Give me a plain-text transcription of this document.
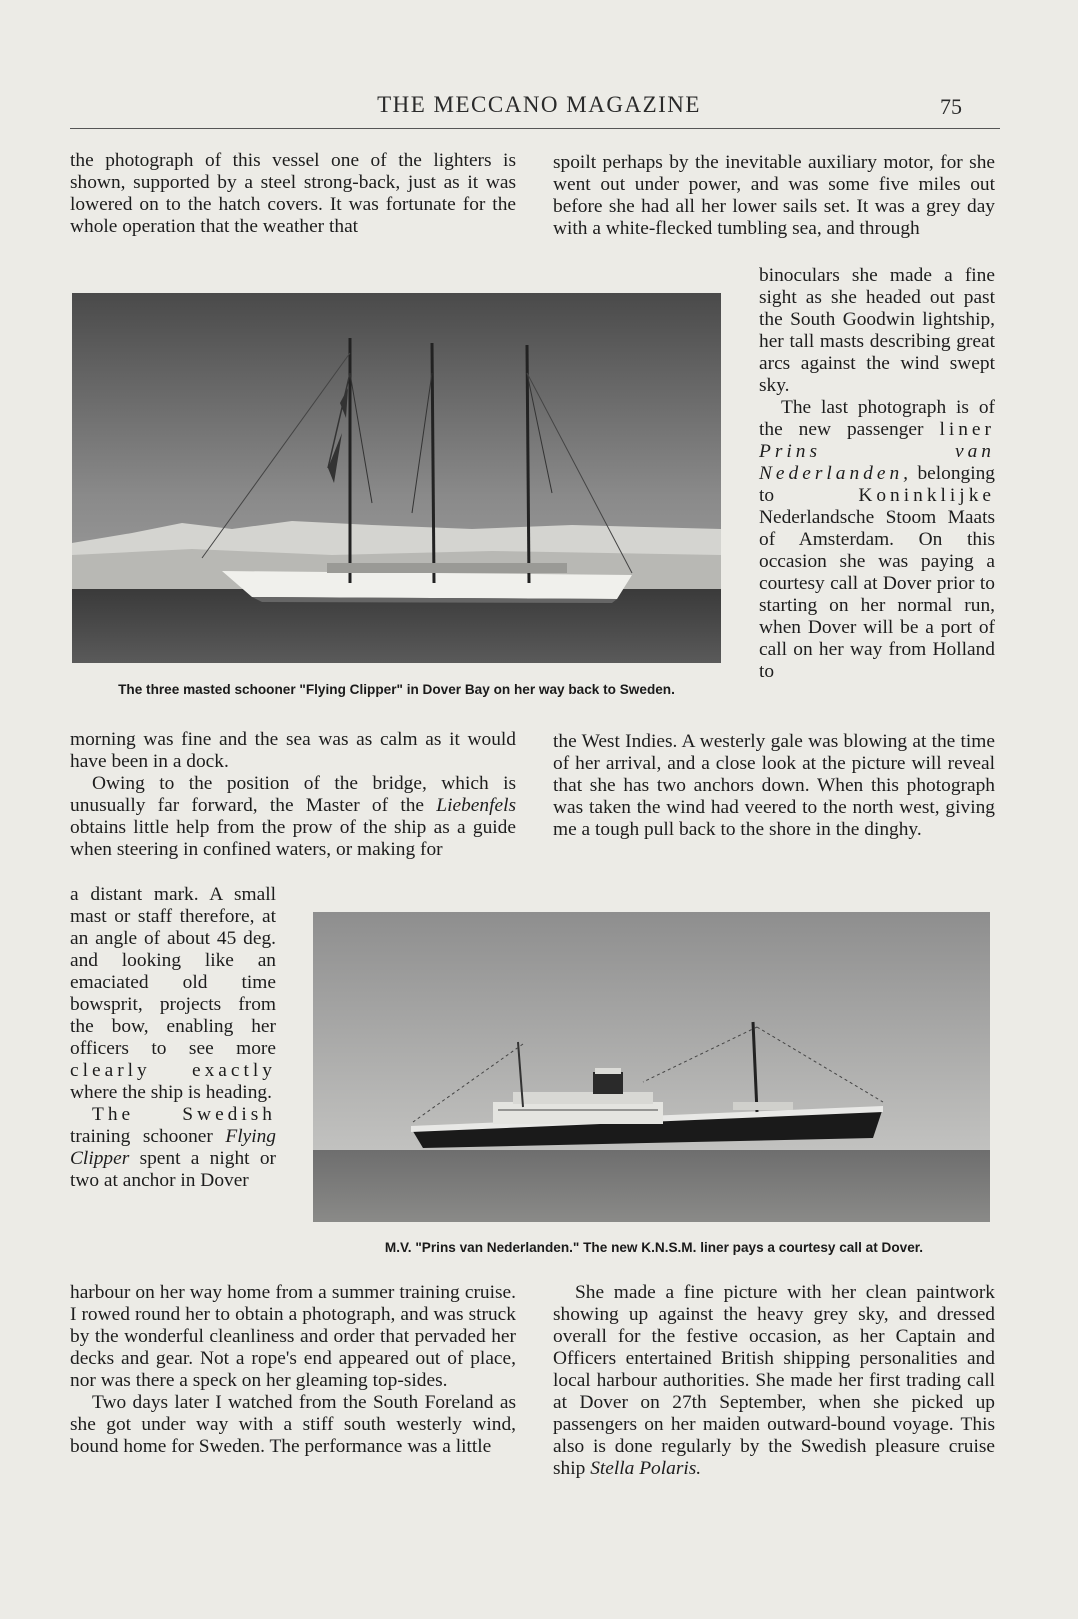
THE MECCANO MAGAZINE	75

the photograph of this vessel one of the lighters is shown, supported by a steel strong-back, just as it was lowered on to the hatch covers. It was fortunate for the whole operation that the weather that

spoilt perhaps by the inevitable auxiliary motor, for she went out under power, and was some five miles out before she had all her lower sails set. It was a grey day with a white-flecked tumbling sea, and through

The three masted schooner "Flying Clipper" in Dover Bay on her way back to Sweden.

binoculars she made a fine sight as she headed out past the South Goodwin lightship, her tall masts describing great arcs against the wind swept sky.

The last photograph is of the new passenger liner Prins van Nederlanden, belonging to	Koninklijke Nederlandsche Stoom Maats of Amsterdam. On this occasion she was paying a courtesy call at Dover prior to starting on her normal run, when Dover will be a port of call on her way from Holland to

the West Indies. A westerly gale was blowing at the time of her arrival, and a close look at the picture will reveal that she has two anchors down. When this photograph was taken the wind had veered to the north west, giving me a tough pull back to the shore in the dinghy.

morning was fine and the sea was as calm as it would have been in a dock.

Owing to the position of the bridge, which is unusually far forward, the Master of the Liebenfels obtains little help from the prow of the ship as a guide when steering in confined waters, or making for

a distant mark. A small mast or staff therefore, at an angle of about 45 deg. and looking like an emaciated old time bowsprit, projects from the bow, enabling her officers to see more clearly exactly where the ship is heading.

The Swedish training schooner Flying Clipper spent a night or two at anchor in Dover

M.V. "Prins van Nederlanden." The new K.N.S.M. liner pays a courtesy call at Dover.

harbour on her way home from a summer training cruise. I rowed round her to obtain a photograph, and was struck by the wonderful cleanliness and order that pervaded her decks and gear. Not a rope's end appeared out of place, nor was there a speck on her gleaming top-sides.

Two days later I watched from the South Foreland as she got under way with a stiff south westerly wind, bound home for Sweden. The performance was a little

She made a fine picture with her clean paintwork showing up against the heavy grey sky, and dressed overall for the festive occasion, as her Captain and Officers entertained British shipping personalities and local harbour authorities. She made her first trading call at Dover on 27th September, when she picked up passengers on her maiden outward-bound voyage. This also is done regularly by the Swedish pleasure cruise ship Stella Polaris.
